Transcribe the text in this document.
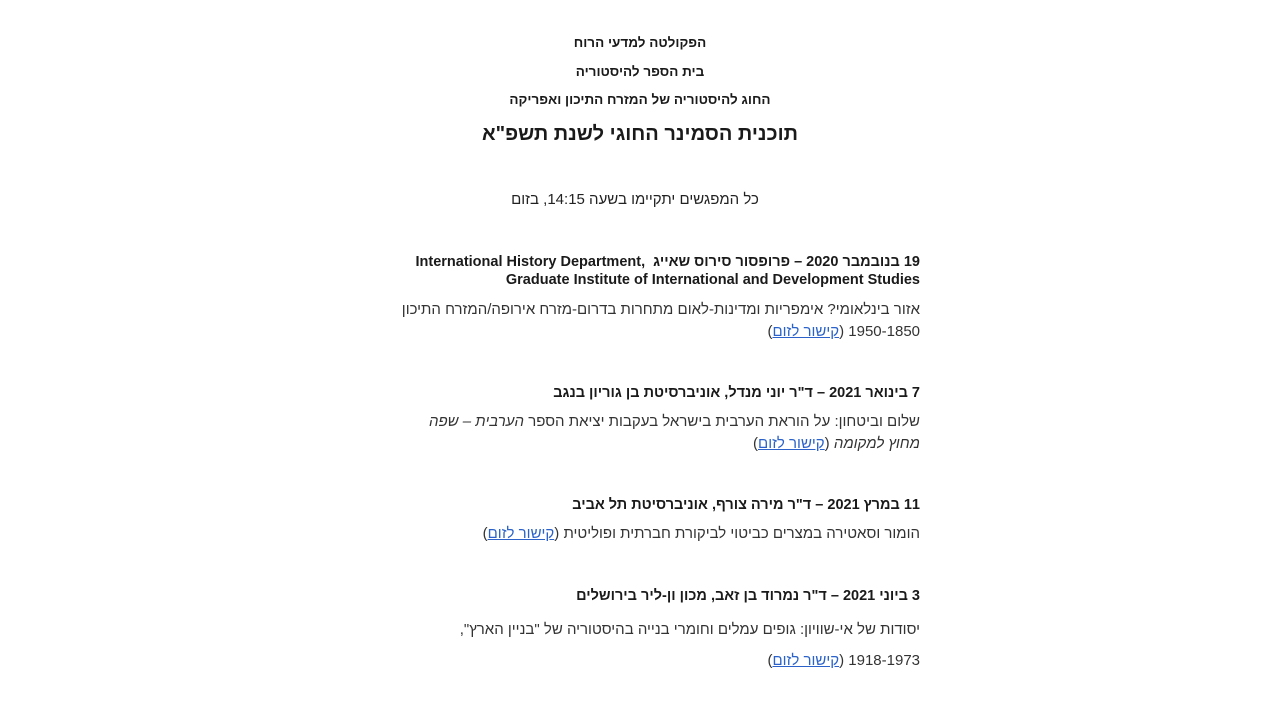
הפקולטה למדעי הרוח
בית הספר להיסטוריה
החוג להיסטוריה של המזרח התיכון ואפריקה
תוכנית הסמינר החוגי לשנת תשפ"א
כל המפגשים יתקיימו בשעה 14:15, בזום
19 בנובמבר 2020 – פרופסור סירוס שאייג  International History Department,
Graduate Institute of International and Development Studies
אזור בינלאומי? אימפריות ומדינות-לאום מתחרות בדרום-מזרח אירופה/המזרח התיכון
1950-1850 (קישור לזום)
7 בינואר 2021 – ד"ר יוני מנדל, אוניברסיטת בן גוריון בנגב
שלום וביטחון: על הוראת הערבית בישראל בעקבות יציאת הספר הערבית – שפה
מחוץ למקומה (קישור לזום)
11 במרץ 2021 – ד"ר מירה צורף, אוניברסיטת תל אביב
הומור וסאטירה במצרים כביטוי לביקורת חברתית ופוליטית (קישור לזום)
3 ביוני 2021 – ד"ר נמרוד בן זאב, מכון ון-ליר בירושלים
יסודות של אי-שוויון: גופים עמלים וחומרי בנייה בהיסטוריה של "בניין הארץ",
1918-1973 (קישור לזום)
